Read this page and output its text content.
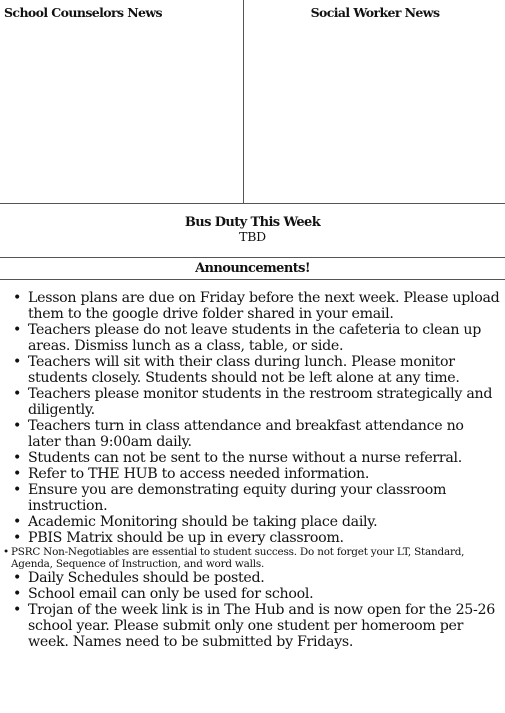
School Counselors News	Social Worker News
Bus Duty This Week
TBD
Announcements!
• Lesson plans are due on Friday before the next week. Please upload them to the google drive folder shared in your email.
• Teachers please do not leave students in the cafeteria to clean up areas. Dismiss lunch as a class, table, or side.
• Teachers will sit with their class during lunch. Please monitor students closely. Students should not be left alone at any time.
• Teachers please monitor students in the restroom strategically and diligently.
• Teachers turn in class attendance and breakfast attendance no later than 9:00am daily.
• Students can not be sent to the nurse without a nurse referral.
• Refer to THE HUB to access needed information.
• Ensure you are demonstrating equity during your classroom instruction.
• Academic Monitoring should be taking place daily.
• PBIS Matrix should be up in every classroom.
• PSRC Non-Negotiables are essential to student success. Do not forget your LT, Standard, Agenda, Sequence of Instruction, and word walls.
• Daily Schedules should be posted.
• School email can only be used for school.
• Trojan of the week link is in The Hub and is now open for the 25-26 school year. Please submit only one student per homeroom per week. Names need to be submitted by Fridays.
